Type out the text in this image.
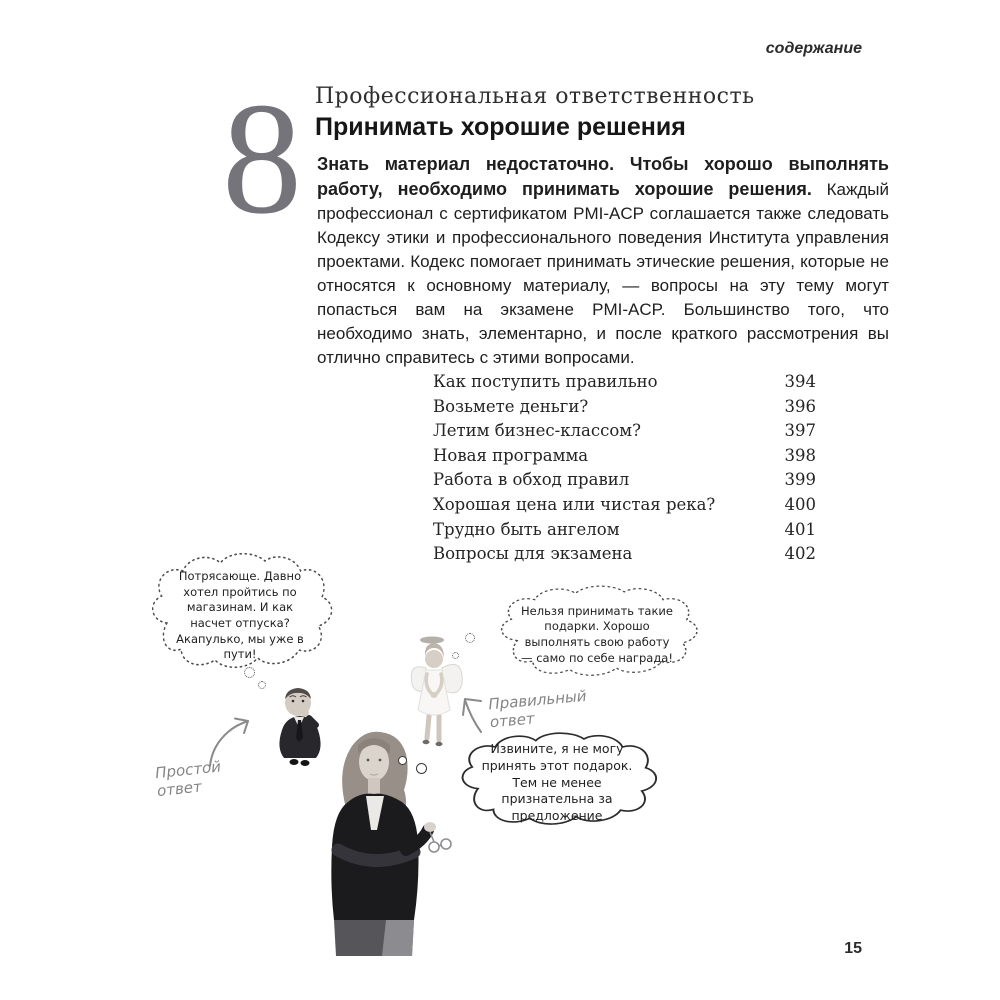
содержание
8 Профессиональная ответственность
Принимать хорошие решения

Знать материал недостаточно. Чтобы хорошо выполнять работу, необходимо принимать хорошие решения. Каждый профессионал с сертификатом PMI-ACP соглашается также следовать Кодексу этики и профессионального поведения Института управления проектами. Кодекс помогает принимать этические решения, которые не относятся к основному материалу, — вопросы на эту тему могут попасться вам на экзамене PMI-ACP. Большинство того, что необходимо знать, элементарно, и после краткого рассмотрения вы отлично справитесь с этими вопросами.

Как поступить правильно	394
Возьмете деньги?	396
Летим бизнес-классом?	397
Новая программа	398
Работа в обход правил	399
Хорошая цена или чистая река?	400
Трудно быть ангелом	401
Вопросы для экзамена	402
Потрясающе. Давно хотел пройтись по магазинам. И как насчет отпуска? Акапулько, мы уже в пути!
Нельзя принимать такие подарки. Хорошо выполнять свою работу — само по себе награда!
Извините, я не могу принять этот подарок. Тем не менее признательна за предложение
Простой ответ
Правильный ответ
15
